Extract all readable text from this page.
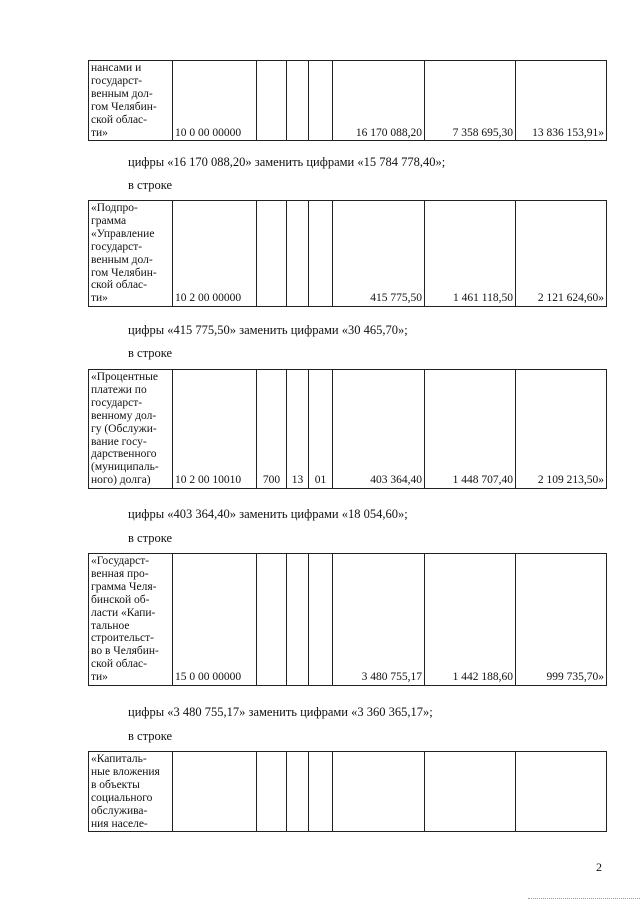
нансами и
государст-
венным дол-
гом Челябин-
ской облас-
ти»	10 0 00 00000				16 170 088,20	7 358 695,30	13 836 153,91»
цифры «16 170 088,20» заменить цифрами «15 784 778,40»;
в строке
«Подпро-
грамма
«Управление
государст-
венным дол-
гом Челябин-
ской облас-
ти»	10 2 00 00000				415 775,50	1 461 118,50	2 121 624,60»
цифры «415 775,50» заменить цифрами «30 465,70»;
в строке
«Процентные
платежи по
государст-
венному дол-
гу (Обслужи-
вание госу-
дарственного
(муниципаль-
ного) долга)	10 2 00 10010	700	13	01	403 364,40	1 448 707,40	2 109 213,50»
цифры «403 364,40» заменить цифрами «18 054,60»;
в строке
«Государст-
венная про-
грамма Челя-
бинской об-
ласти «Капи-
тальное
строительст-
во в Челябин-
ской облас-
ти»	15 0 00 00000				3 480 755,17	1 442 188,60	999 735,70»
цифры «3 480 755,17» заменить цифрами «3 360 365,17»;
в строке
«Капиталь-
ные вложения
в объекты
социального
обслужива-
ния населе-

2
